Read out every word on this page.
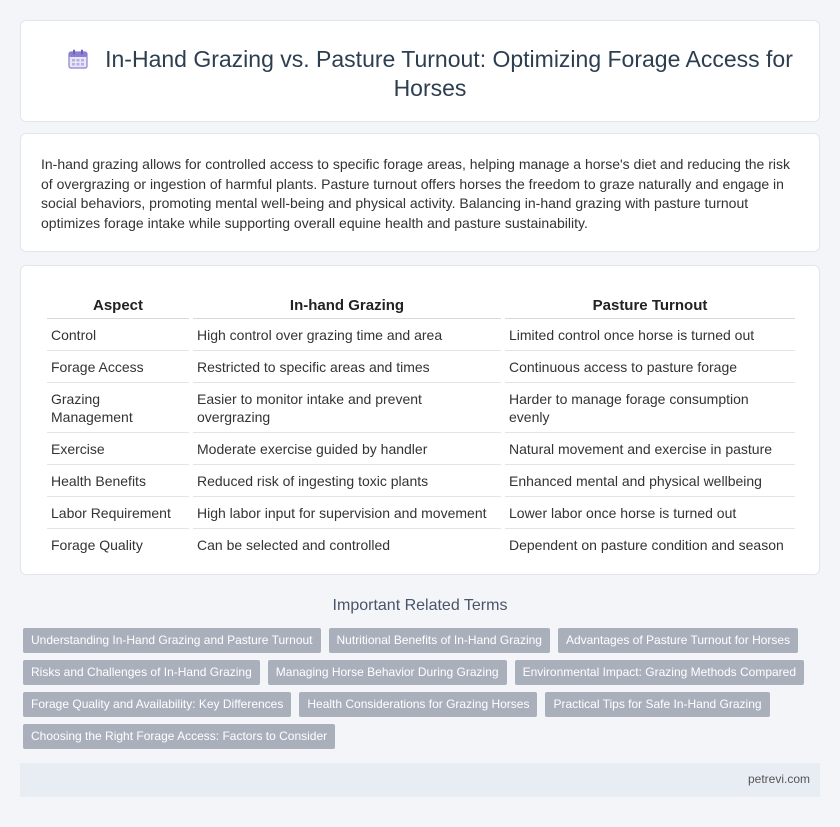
In-Hand Grazing vs. Pasture Turnout: Optimizing Forage Access for Horses

In-hand grazing allows for controlled access to specific forage areas, helping manage a horse's diet and reducing the risk of overgrazing or ingestion of harmful plants. Pasture turnout offers horses the freedom to graze naturally and engage in social behaviors, promoting mental well-being and physical activity. Balancing in-hand grazing with pasture turnout optimizes forage intake while supporting overall equine health and pasture sustainability.

Aspect	In-hand Grazing	Pasture Turnout
Control	High control over grazing time and area	Limited control once horse is turned out
Forage Access	Restricted to specific areas and times	Continuous access to pasture forage
Grazing Management	Easier to monitor intake and prevent overgrazing	Harder to manage forage consumption evenly
Exercise	Moderate exercise guided by handler	Natural movement and exercise in pasture
Health Benefits	Reduced risk of ingesting toxic plants	Enhanced mental and physical wellbeing
Labor Requirement	High labor input for supervision and movement	Lower labor once horse is turned out
Forage Quality	Can be selected and controlled	Dependent on pasture condition and season
Important Related Terms
Understanding In-Hand Grazing and Pasture Turnout	Nutritional Benefits of In-Hand Grazing	Advantages of Pasture Turnout for Horses
Risks and Challenges of In-Hand Grazing	Managing Horse Behavior During Grazing	Environmental Impact: Grazing Methods Compared
Forage Quality and Availability: Key Differences	Health Considerations for Grazing Horses	Practical Tips for Safe In-Hand Grazing
Choosing the Right Forage Access: Factors to Consider
petrevi.com
